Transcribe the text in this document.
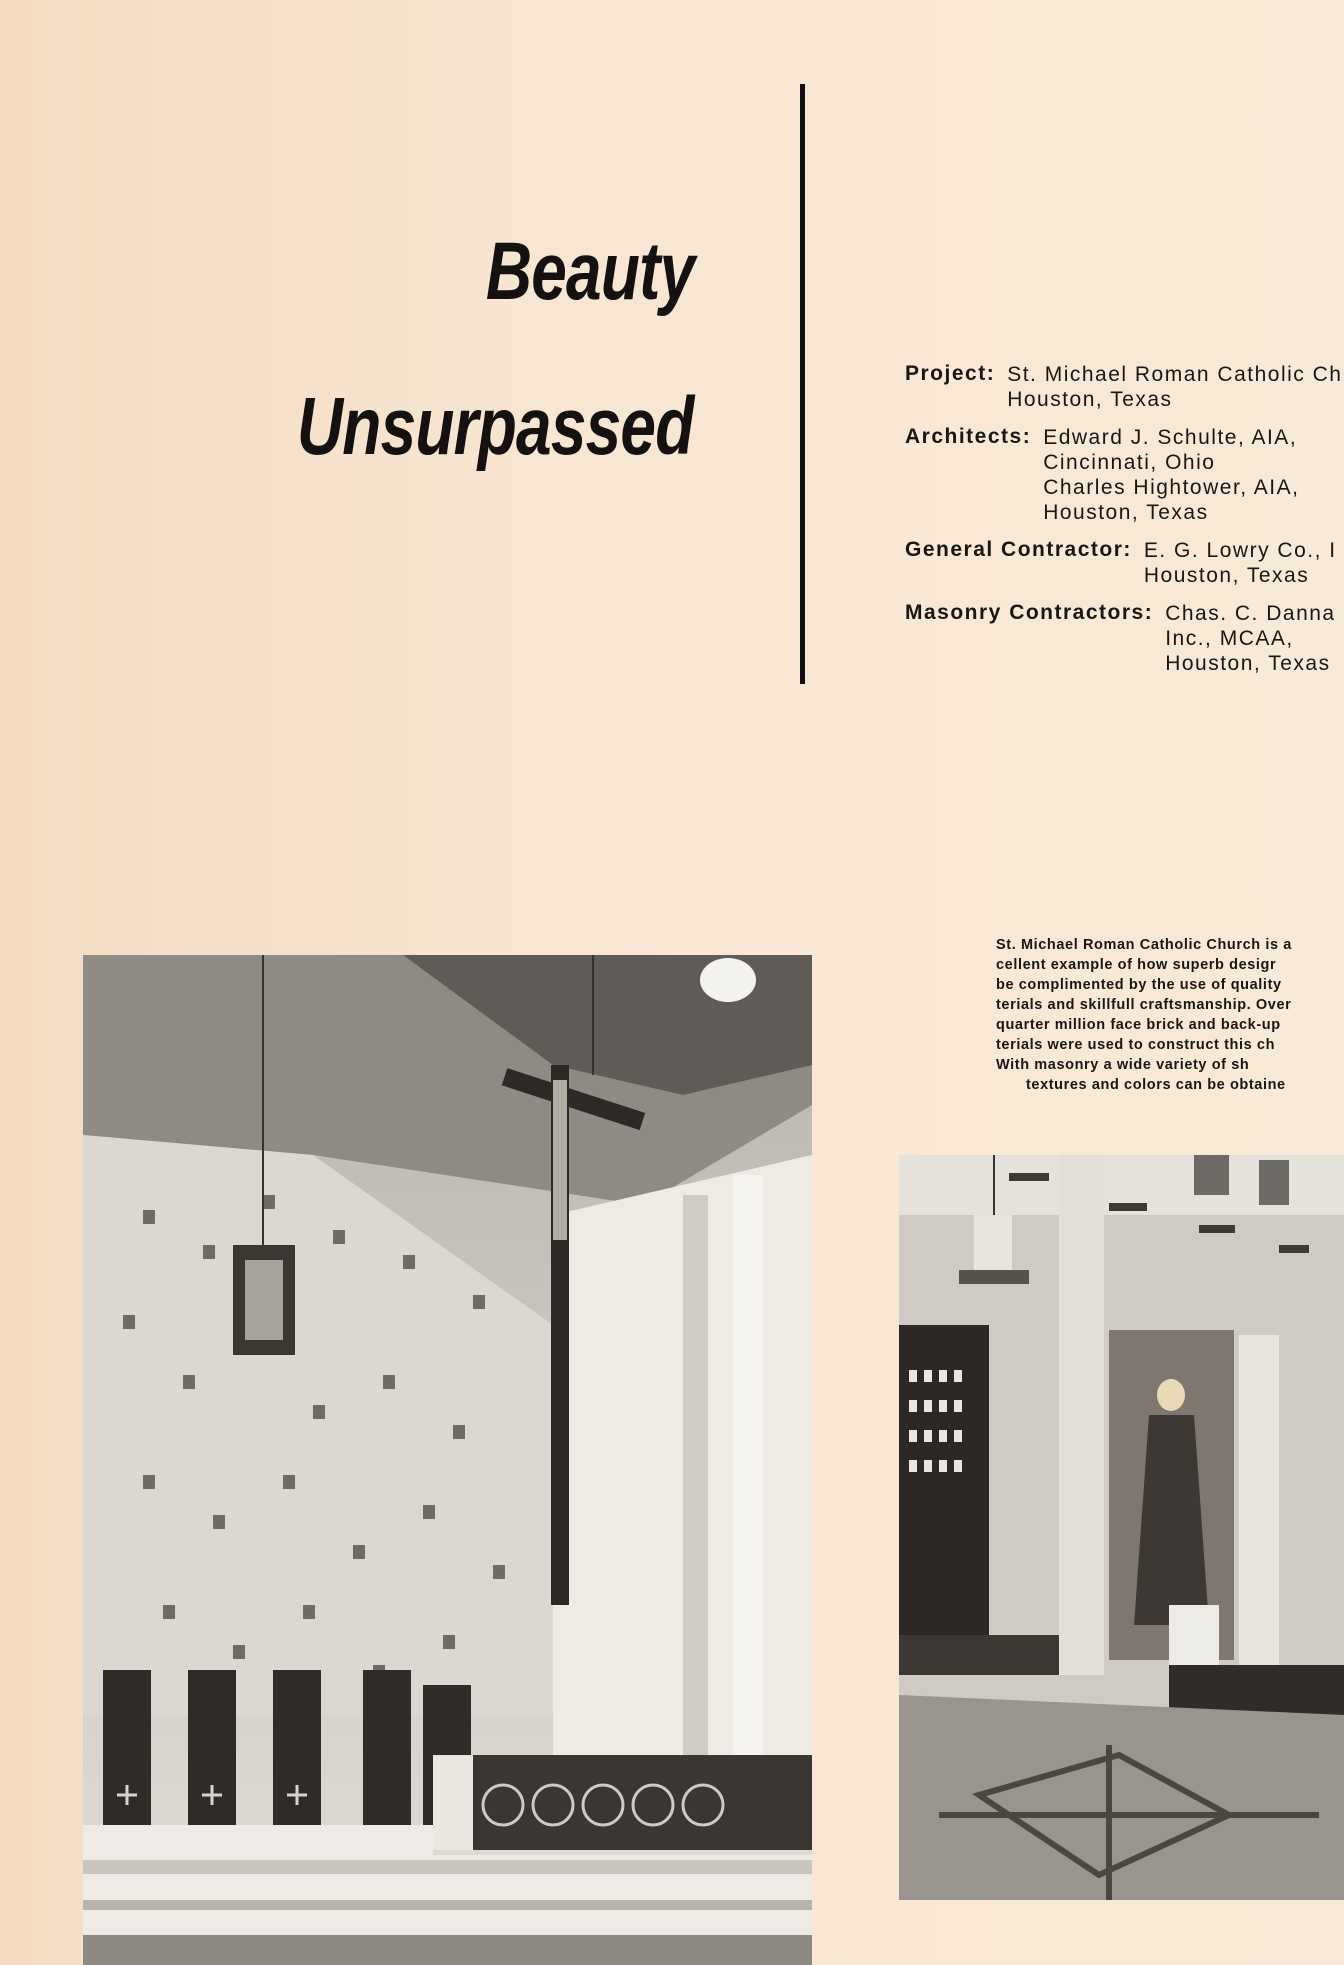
Beauty
Unsurpassed
Project: St. Michael Roman Catholic Ch
Houston, Texas
Architects: Edward J. Schulte, AIA,
Cincinnati, Ohio
Charles Hightower, AIA,
Houston, Texas
General Contractor: E. G. Lowry Co., I
Houston, Texas
Masonry Contractors: Chas. C. Danna
Inc., MCAA,
Houston, Texas
St. Michael Roman Catholic Church is a
cellent example of how superb desigr
be complimented by the use of quality
terials and skillfull craftsmanship. Over
quarter million face brick and back-up
terials were used to construct this ch
With masonry a wide variety of sh
textures and colors can be obtaine
